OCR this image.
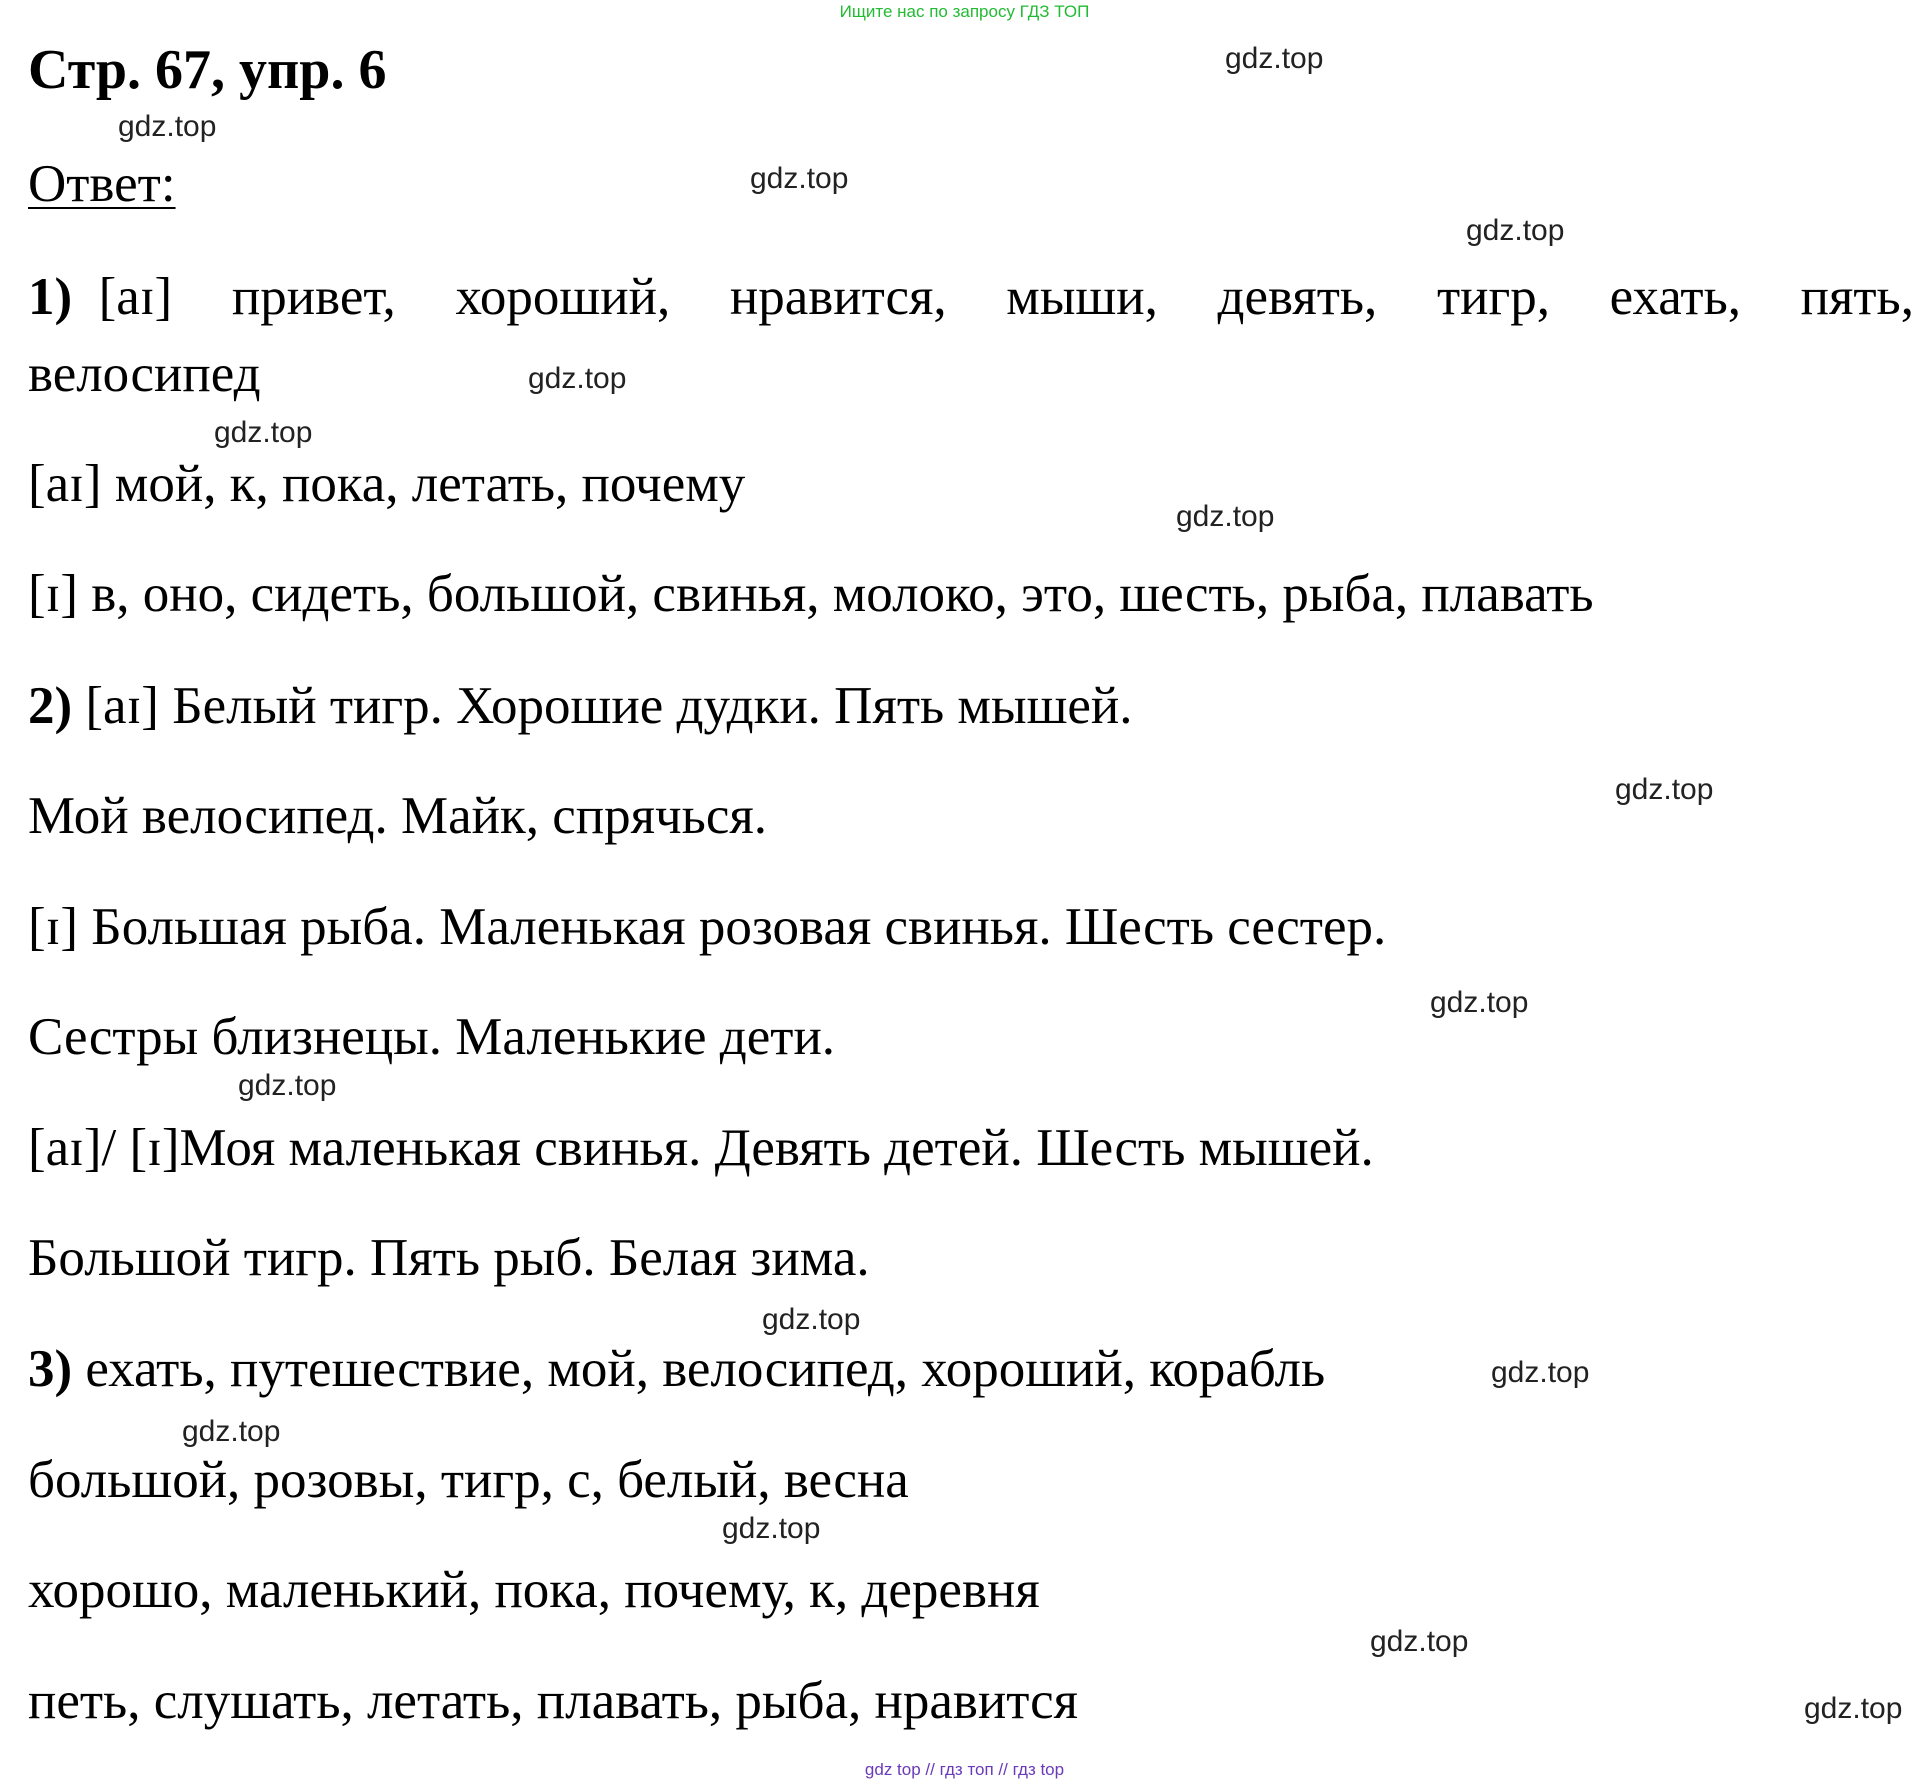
Ищите нас по запросу ГДЗ ТОП
Стр. 67, упр. 6
Ответ:
1) [aɪ] привет, хороший, нравится, мыши, девять, тигр, ехать, пять,
велосипед
[aɪ] мой, к, пока, летать, почему
[ɪ] в, оно, сидеть, большой, свинья, молоко, это, шесть, рыба, плавать
2) [aɪ] Белый тигр. Хорошие дудки. Пять мышей.
Мой велосипед. Майк, спрячься.
[ɪ] Большая рыба. Маленькая розовая свинья. Шесть сестер.
Сестры близнецы. Маленькие дети.
[aɪ]/ [ɪ]Моя маленькая свинья. Девять детей. Шесть мышей.
Большой тигр. Пять рыб. Белая зима.
3) ехать, путешествие, мой, велосипед, хороший, корабль
большой, розовы, тигр, с, белый, весна
хорошо, маленький, пока, почему, к, деревня
петь, слушать, летать, плавать, рыба, нравится
gdz.top
gdz.top
gdz.top
gdz.top
gdz.top
gdz.top
gdz.top
gdz.top
gdz.top
gdz.top
gdz.top
gdz.top
gdz.top
gdz.top
gdz.top
gdz.top
gdz top // гдз топ // гдз top
